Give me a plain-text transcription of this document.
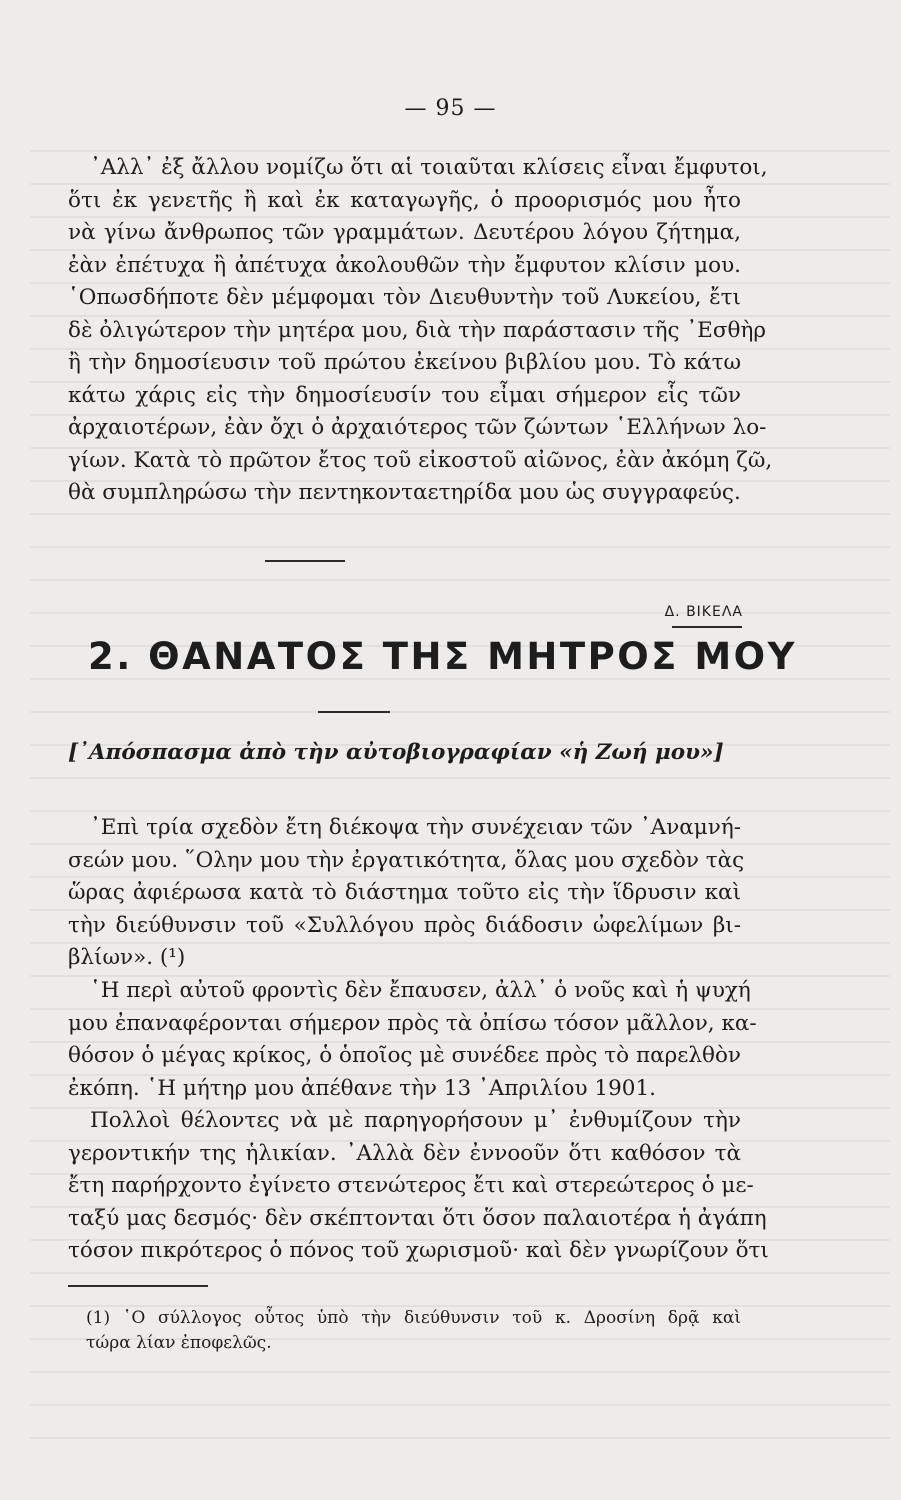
— 95 —
᾿Αλλ᾿ ἐξ ἄλλου νομίζω ὅτι αἱ τοιαῦται κλίσεις εἶναι ἔμφυτοι,
ὅτι ἐκ γενετῆς ἢ καὶ ἐκ καταγωγῆς, ὁ προορισμός μου ἦτο
νὰ γίνω ἄνθρωπος τῶν γραμμάτων. Δευτέρου λόγου ζήτημα,
ἐὰν ἐπέτυχα ἢ ἀπέτυχα ἀκολουθῶν τὴν ἔμφυτον κλίσιν μου.
῾Οπωσδήποτε δὲν μέμφομαι τὸν Διευθυντὴν τοῦ Λυκείου, ἔτι
δὲ ὀλιγώτερον τὴν μητέρα μου, διὰ τὴν παράστασιν τῆς ᾿Εσθὴρ
ἢ τὴν δημοσίευσιν τοῦ πρώτου ἐκείνου βιβλίου μου. Τὸ κάτω
κάτω χάρις εἰς τὴν δημοσίευσίν του εἶμαι σήμερον εἷς τῶν
ἀρχαιοτέρων, ἐὰν ὄχι ὁ ἀρχαιότερος τῶν ζώντων ῾Ελλήνων λο-
γίων. Κατὰ τὸ πρῶτον ἔτος τοῦ εἰκοστοῦ αἰῶνος, ἐὰν ἀκόμη ζῶ,
θὰ συμπληρώσω τὴν πεντηκονταετηρίδα μου ὡς συγγραφεύς.
Δ. ΒΙΚΕΛΑ
2. ΘΑΝΑΤΟΣ ΤΗΣ ΜΗΤΡΟΣ ΜΟΥ
[᾿Απόσπασμα ἀπὸ τὴν αὐτοβιογραφίαν «ἡ Ζωή μου»]
᾿Επὶ τρία σχεδὸν ἔτη διέκοψα τὴν συνέχειαν τῶν ᾿Αναμνή-
σεών μου. ῞Ολην μου τὴν ἐργατικότητα, ὅλας μου σχεδὸν τὰς
ὥρας ἀφιέρωσα κατὰ τὸ διάστημα τοῦτο εἰς τὴν ἵδρυσιν καὶ
τὴν διεύθυνσιν τοῦ «Συλλόγου πρὸς διάδοσιν ὠφελίμων βι-
βλίων». (¹)
῾Η περὶ αὐτοῦ φροντὶς δὲν ἔπαυσεν, ἀλλ᾿ ὁ νοῦς καὶ ἡ ψυχή
μου ἐπαναφέρονται σήμερον πρὸς τὰ ὀπίσω τόσον μᾶλλον, κα-
θόσον ὁ μέγας κρίκος, ὁ ὁποῖος μὲ συνέδεε πρὸς τὸ παρελθὸν
ἐκόπη. ῾Η μήτηρ μου ἀπέθανε τὴν 13 ᾿Απριλίου 1901.
Πολλοὶ θέλοντες νὰ μὲ παρηγορήσουν μ᾿ ἐνθυμίζουν τὴν
γεροντικήν της ἡλικίαν. ᾿Αλλὰ δὲν ἐννοοῦν ὅτι καθόσον τὰ
ἔτη παρήρχοντο ἐγίνετο στενώτερος ἔτι καὶ στερεώτερος ὁ με-
ταξύ μας δεσμός· δὲν σκέπτονται ὅτι ὅσον παλαιοτέρα ἡ ἀγάπη
τόσον πικρότερος ὁ πόνος τοῦ χωρισμοῦ· καὶ δὲν γνωρίζουν ὅτι
(1) ῾Ο σύλλογος οὗτος ὑπὸ τὴν διεύθυνσιν τοῦ κ. Δροσίνη δρᾷ καὶ
τώρα λίαν ἐποφελῶς.
